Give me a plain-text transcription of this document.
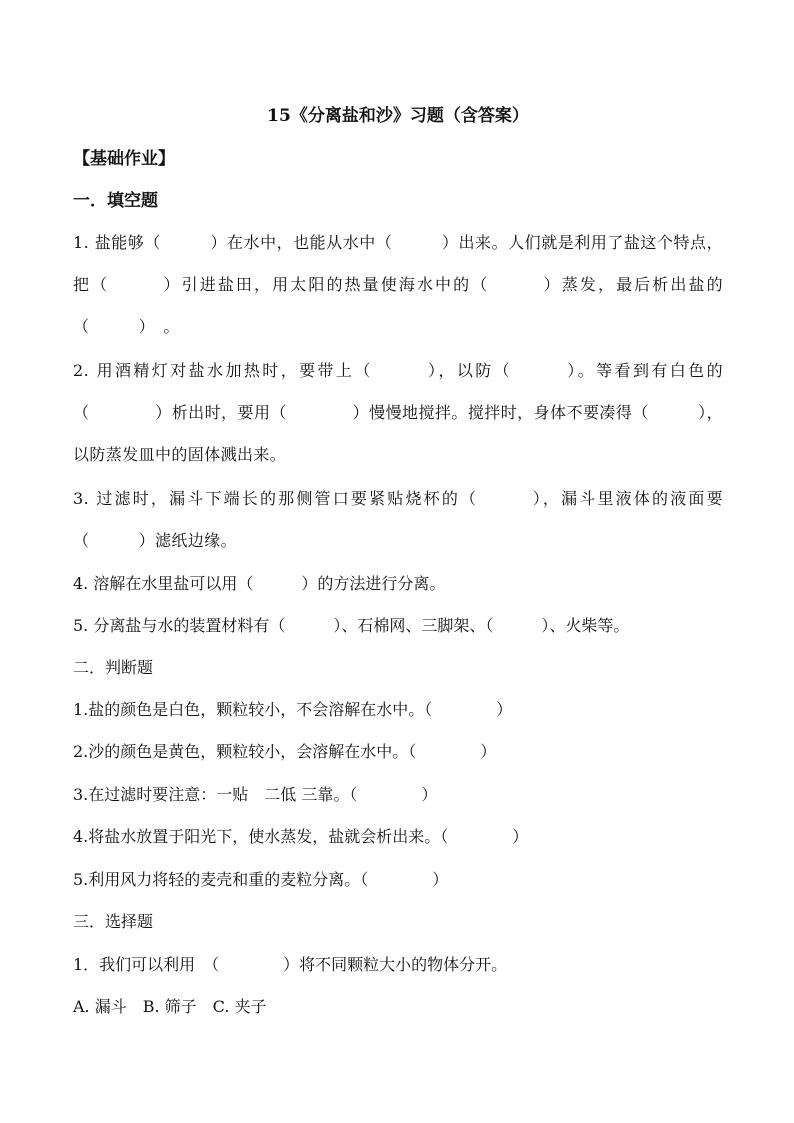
15《分离盐和沙》习题（含答案）
【基础作业】
一．填空题
1. 盐能够（　　　）在水中，也能从水中（　　　）出来。人们就是利用了盐这个特点，把（　　　）引进盐田，用太阳的热量使海水中的（　　　）蒸发，最后析出盐的（　　　）　。
2. 用酒精灯对盐水加热时，要带上（　　　），以防（　　　）。等看到有白色的（　　　　）析出时，要用（　　　　）慢慢地搅拌。搅拌时，身体不要凑得（　　　），以防蒸发皿中的固体溅出来。
3. 过滤时，漏斗下端长的那侧管口要紧贴烧杯的（　　　），漏斗里液体的液面要（　　　）滤纸边缘。
4. 溶解在水里盐可以用（　　　）的方法进行分离。
5. 分离盐与水的装置材料有（　　　）、石棉网、三脚架、（　　　）、火柴等。
二．判断题
1.盐的颜色是白色，颗粒较小，不会溶解在水中。（　　　　）
2.沙的颜色是黄色，颗粒较小，会溶解在水中。（　　　　）
3.在过滤时要注意：一贴　二低 三靠。（　　　　）
4.将盐水放置于阳光下，使水蒸发，盐就会析出来。（　　　　）
5.利用风力将轻的麦壳和重的麦粒分离。（　　　　）
三．选择题
1．我们可以利用　（　　　　）将不同颗粒大小的物体分开。
A. 漏斗　B. 筛子　C. 夹子
